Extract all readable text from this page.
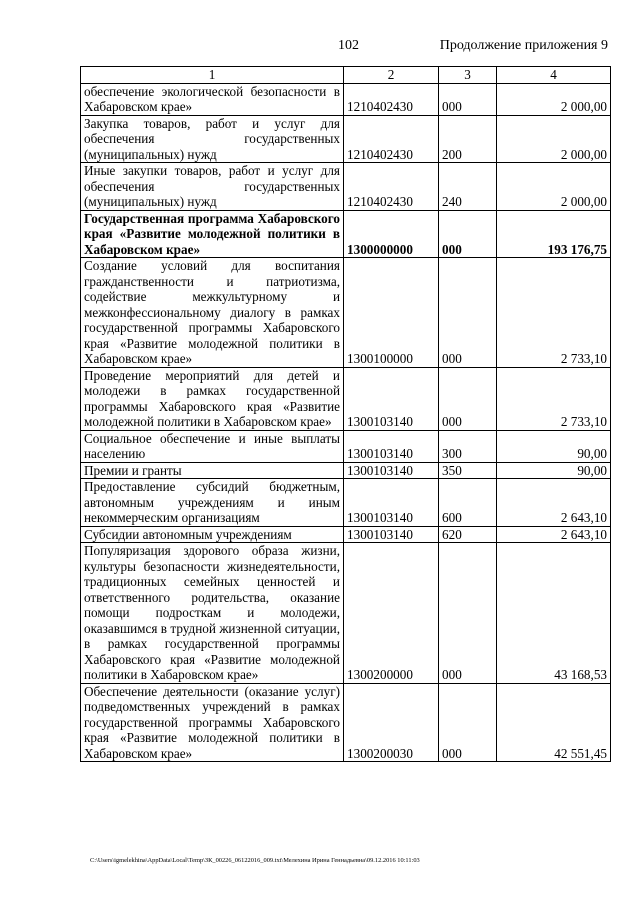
102	Продолжение приложения 9
1	2	3	4
обеспечение экологической безопасности в Хабаровском крае»	1210402430	000	2 000,00
Закупка товаров, работ и услуг для обеспечения государственных (муниципальных) нужд	1210402430	200	2 000,00
Иные закупки товаров, работ и услуг для обеспечения государственных (муниципальных) нужд	1210402430	240	2 000,00
Государственная программа Хабаровского края «Развитие молодежной политики в Хабаровском крае»	1300000000	000	193 176,75
Создание условий для воспитания гражданственности и патриотизма, содействие межкультурному и межконфессиональному диалогу в рамках государственной программы Хабаровского края «Развитие молодежной политики в Хабаровском крае»	1300100000	000	2 733,10
Проведение мероприятий для детей и молодежи в рамках государственной программы Хабаровского края «Развитие молодежной политики в Хабаровском крае»	1300103140	000	2 733,10
Социальное обеспечение и иные выплаты населению	1300103140	300	90,00
Премии и гранты	1300103140	350	90,00
Предоставление субсидий бюджетным, автономным учреждениям и иным некоммерческим организациям	1300103140	600	2 643,10
Субсидии автономным учреждениям	1300103140	620	2 643,10
Популяризация здорового образа жизни, культуры безопасности жизнедеятельности, традиционных семейных ценностей и ответственного родительства, оказание помощи подросткам и молодежи, оказавшимся в трудной жизненной ситуации, в рамках государственной программы Хабаровского края «Развитие молодежной политики в Хабаровском крае»	1300200000	000	43 168,53
Обеспечение деятельности (оказание услуг) подведомственных учреждений в рамках государственной программы Хабаровского края «Развитие молодежной политики в Хабаровском крае»	1300200030	000	42 551,45
C:\Users\igmelekhina\AppData\Local\Temp\ЗК_00226_06122016_009.txt\Мелехина Ирина Геннадьевна\09.12.2016 10:11:03
